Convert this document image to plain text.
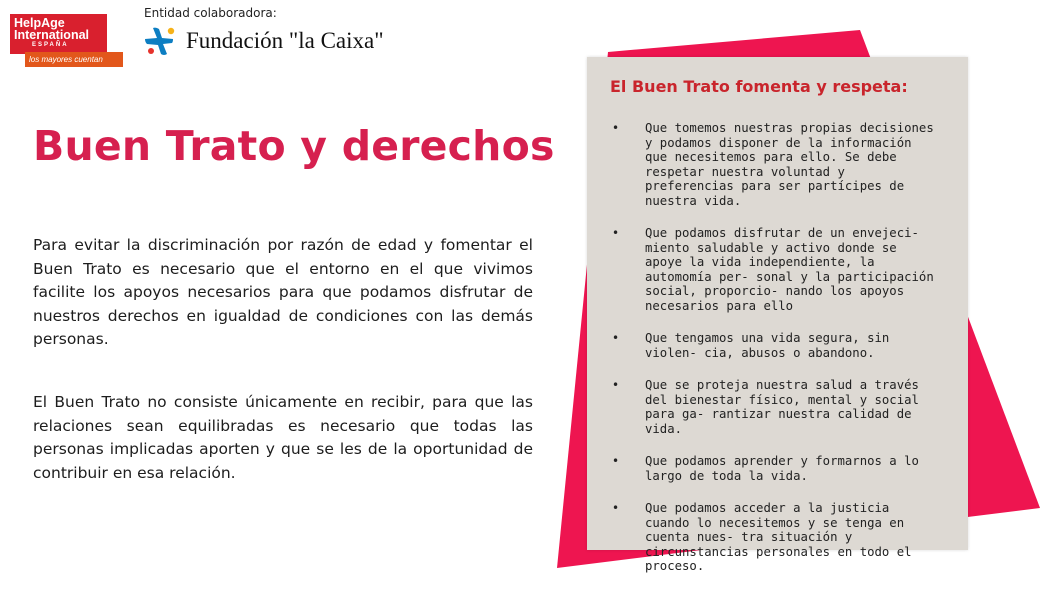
HelpAge
International
ESPAÑA
los mayores cuentan
Entidad colaboradora:
Fundación "la Caixa"
Buen Trato y derechos

Para evitar la discriminación por razón de edad y fomentar el Buen Trato es necesario que el entorno en el que vivimos facilite los apoyos necesarios para que podamos disfrutar de nuestros derechos en igualdad de condiciones con las demás personas.

El Buen Trato no consiste únicamente en recibir, para que las relaciones sean equilibradas es necesario que todas las personas implicadas aporten y que se les de la oportunidad de contribuir en esa relación.

El Buen Trato fomenta y respeta:
• Que tomemos nuestras propias decisiones y podamos disponer de la información que necesitemos para ello. Se debe respetar nuestra voluntad y preferencias para ser partícipes de nuestra vida.
• Que podamos disfrutar de un envejeci- miento saludable y activo donde se apoye la vida independiente, la automomía per- sonal y la participación social, proporcio- nando los apoyos necesarios para ello
• Que tengamos una vida segura, sin violen- cia, abusos o abandono.
• Que se proteja nuestra salud a través del bienestar físico, mental y social para ga- rantizar nuestra calidad de vida.
• Que podamos aprender y formarnos a lo largo de toda la vida.
• Que podamos acceder a la justicia cuando lo necesitemos y se tenga en cuenta nues- tra situación y circunstancias personales en todo el proceso.
